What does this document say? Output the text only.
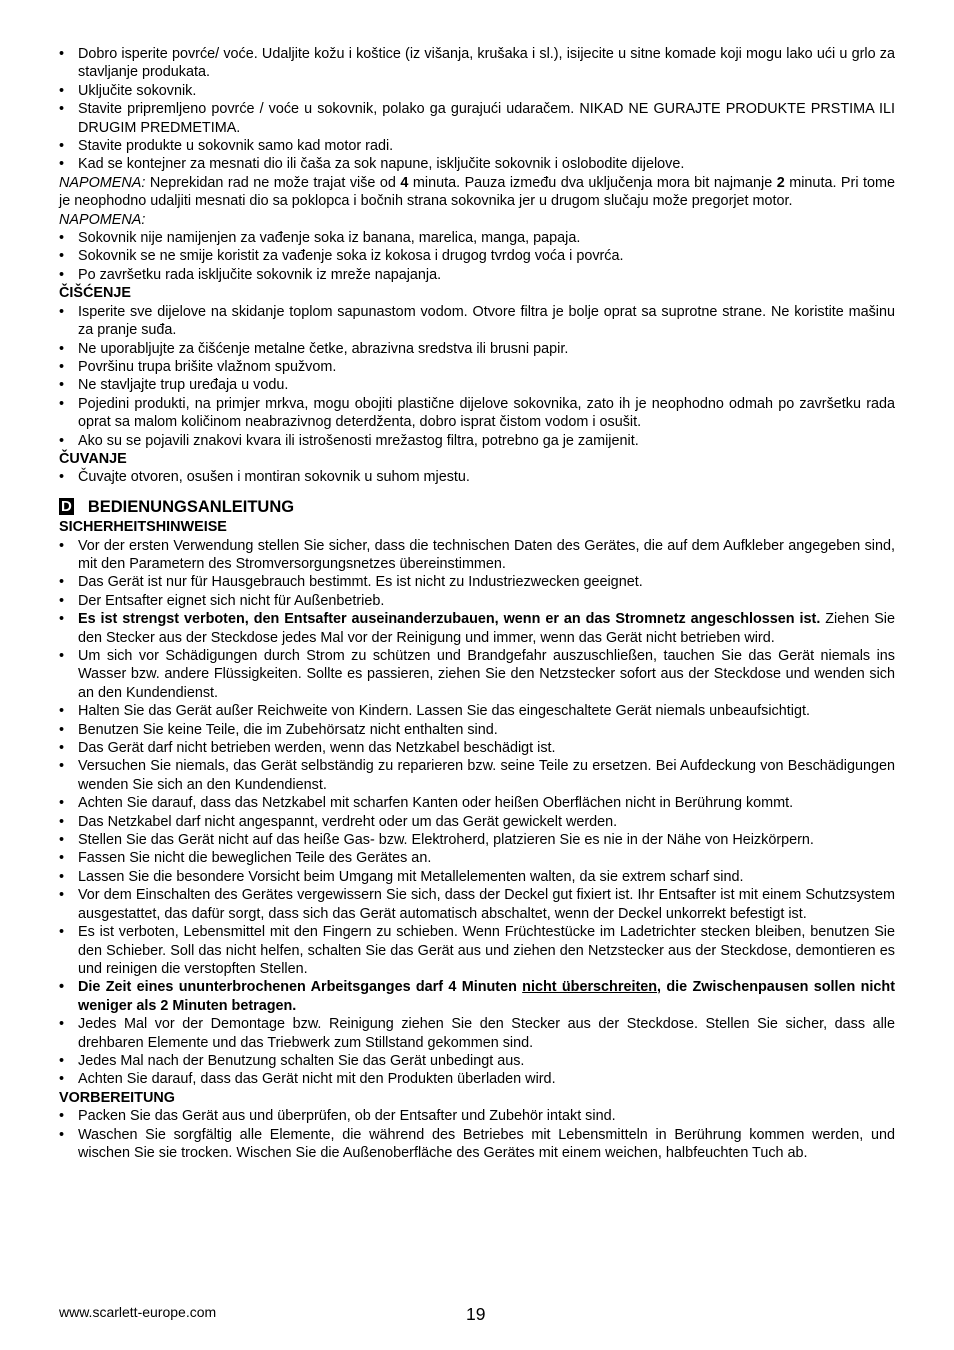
• Dobro isperite povrće/ voće. Udaljite kožu i koštice (iz višanja, krušaka i sl.), isijecite u sitne komade koji mogu lako ući u grlo za stavljanje produkata.
• Uključite sokovnik.
• Stavite pripremljeno povrće / voće u sokovnik, polako ga gurajući udaračem. NIKAD NE GURAJTE PRODUKTE PRSTIMA ILI DRUGIM PREDMETIMA.
• Stavite produkte u sokovnik samo kad motor radi.
• Kad se kontejner za mesnati dio ili čaša za sok napune, isključite sokovnik i oslobodite dijelove.

NAPOMENA: Neprekidan rad ne može trajat više od 4 minuta. Pauza između dva uključenja mora bit najmanje 2 minuta. Pri tome je neophodno udaljiti mesnati dio sa poklopca i bočnih strana sokovnika jer u drugom slučaju može pregorjet motor.

NAPOMENA:

• Sokovnik nije namijenjen za vađenje soka iz banana, marelica, manga, papaja.
• Sokovnik se ne smije koristit za vađenje soka iz kokosa i drugog tvrdog voća i povrća.
• Po završetku rada isključite sokovnik iz mreže napajanja.

ČIŠĆENJE

• Isperite sve dijelove na skidanje toplom sapunastom vodom. Otvore filtra je bolje oprat sa suprotne strane. Ne koristite mašinu za pranje suđa.
• Ne uporabljujte za čišćenje metalne četke, abrazivna sredstva ili brusni papir.
• Površinu trupa brišite vlažnom spužvom.
• Ne stavljajte trup uređaja u vodu.
• Pojedini produkti, na primjer mrkva, mogu obojiti plastične dijelove sokovnika, zato ih je neophodno odmah po završetku rada oprat sa malom količinom neabrazivnog deterdženta, dobro isprat čistom vodom i osušit.
• Ako su se pojavili znakovi kvara ili istrošenosti mrežastog filtra, potrebno ga je zamijenit.

ČUVANJE

• Čuvajte otvoren, osušen i montiran sokovnik u suhom mjestu.
D BEDIENUNGSANLEITUNG

SICHERHEITSHINWEISE

• Vor der ersten Verwendung stellen Sie sicher, dass die technischen Daten des Gerätes, die auf dem Aufkleber angegeben sind, mit den Parametern des Stromversorgungsnetzes übereinstimmen.
• Das Gerät ist nur für Hausgebrauch bestimmt. Es ist nicht zu Industriezwecken geeignet.
• Der Entsafter eignet sich nicht für Außenbetrieb.
• Es ist strengst verboten, den Entsafter auseinanderzubauen, wenn er an das Stromnetz angeschlossen ist. Ziehen Sie den Stecker aus der Steckdose jedes Mal vor der Reinigung und immer, wenn das Gerät nicht betrieben wird.
• Um sich vor Schädigungen durch Strom zu schützen und Brandgefahr auszuschließen, tauchen Sie das Gerät niemals ins Wasser bzw. andere Flüssigkeiten. Sollte es passieren, ziehen Sie den Netzstecker sofort aus der Steckdose und wenden sich an den Kundendienst.
• Halten Sie das Gerät außer Reichweite von Kindern. Lassen Sie das eingeschaltete Gerät niemals unbeaufsichtigt.
• Benutzen Sie keine Teile, die im Zubehörsatz nicht enthalten sind.
• Das Gerät darf nicht betrieben werden, wenn das Netzkabel beschädigt ist.
• Versuchen Sie niemals, das Gerät selbständig zu reparieren bzw. seine Teile zu ersetzen. Bei Aufdeckung von Beschädigungen wenden Sie sich an den Kundendienst.
• Achten Sie darauf, dass das Netzkabel mit scharfen Kanten oder heißen Oberflächen nicht in Berührung kommt.
• Das Netzkabel darf nicht angespannt, verdreht oder um das Gerät gewickelt werden.
• Stellen Sie das Gerät nicht auf das heiße Gas- bzw. Elektroherd, platzieren Sie es nie in der Nähe von Heizkörpern.
• Fassen Sie nicht die beweglichen Teile des Gerätes an.
• Lassen Sie die besondere Vorsicht beim Umgang mit Metallelementen walten, da sie extrem scharf sind.
• Vor dem Einschalten des Gerätes vergewissern Sie sich, dass der Deckel gut fixiert ist. Ihr Entsafter ist mit einem Schutzsystem ausgestattet, das dafür sorgt, dass sich das Gerät automatisch abschaltet, wenn der Deckel unkorrekt befestigt ist.
• Es ist verboten, Lebensmittel mit den Fingern zu schieben. Wenn Früchtestücke im Ladetrichter stecken bleiben, benutzen Sie den Schieber. Soll das nicht helfen, schalten Sie das Gerät aus und ziehen den Netzstecker aus der Steckdose, demontieren es und reinigen die verstopften Stellen.
• Die Zeit eines ununterbrochenen Arbeitsganges darf 4 Minuten nicht überschreiten, die Zwischenpausen sollen nicht weniger als 2 Minuten betragen.
• Jedes Mal vor der Demontage bzw. Reinigung ziehen Sie den Stecker aus der Steckdose. Stellen Sie sicher, dass alle drehbaren Elemente und das Triebwerk zum Stillstand gekommen sind.
• Jedes Mal nach der Benutzung schalten Sie das Gerät unbedingt aus.
• Achten Sie darauf, dass das Gerät nicht mit den Produkten überladen wird.

VORBEREITUNG

• Packen Sie das Gerät aus und überprüfen, ob der Entsafter und Zubehör intakt sind.
• Waschen Sie sorgfältig alle Elemente, die während des Betriebes mit Lebensmitteln in Berührung kommen werden, und wischen Sie sie trocken. Wischen Sie die Außenoberfläche des Gerätes mit einem weichen, halbfeuchten Tuch ab.
www.scarlett-europe.com	19
